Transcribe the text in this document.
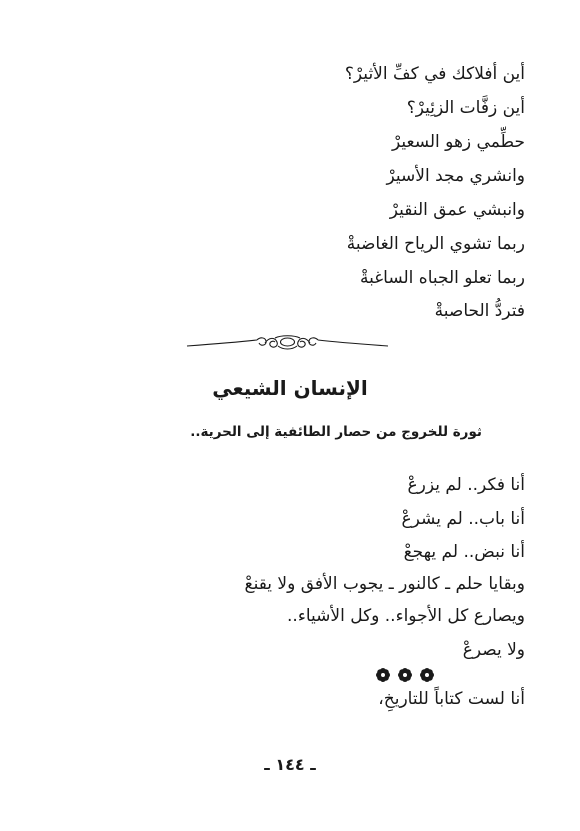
أين أفلاكك في كفِّ الأثيرْ؟
أين زفَّات الزئِيرْ؟
حطِّمي زهو السعيرْ
وانشري مجد الأسيرْ
وانبشي عمق النقيرْ
ربما تشوي الرياح الغاضبةْ
ربما تعلو الجباه الساغبةْ
فتردُّ الحاصبةْ
الإنسان الشيعي
ثورة للخروج من حصار الطائفية إلى الحرية..
أنا فكر.. لم يزرعْ
أنا باب.. لم يشرعْ
أنا نبض.. لم يهجعْ
وبقايا حلم ـ كالنور ـ يجوب الأفق ولا يقنعْ
ويصارع كل الأجواء.. وكل الأشياء..
ولا يصرعْ
أنا لست كتاباً للتاريخِ،
ـ ١٤٤ ـ
